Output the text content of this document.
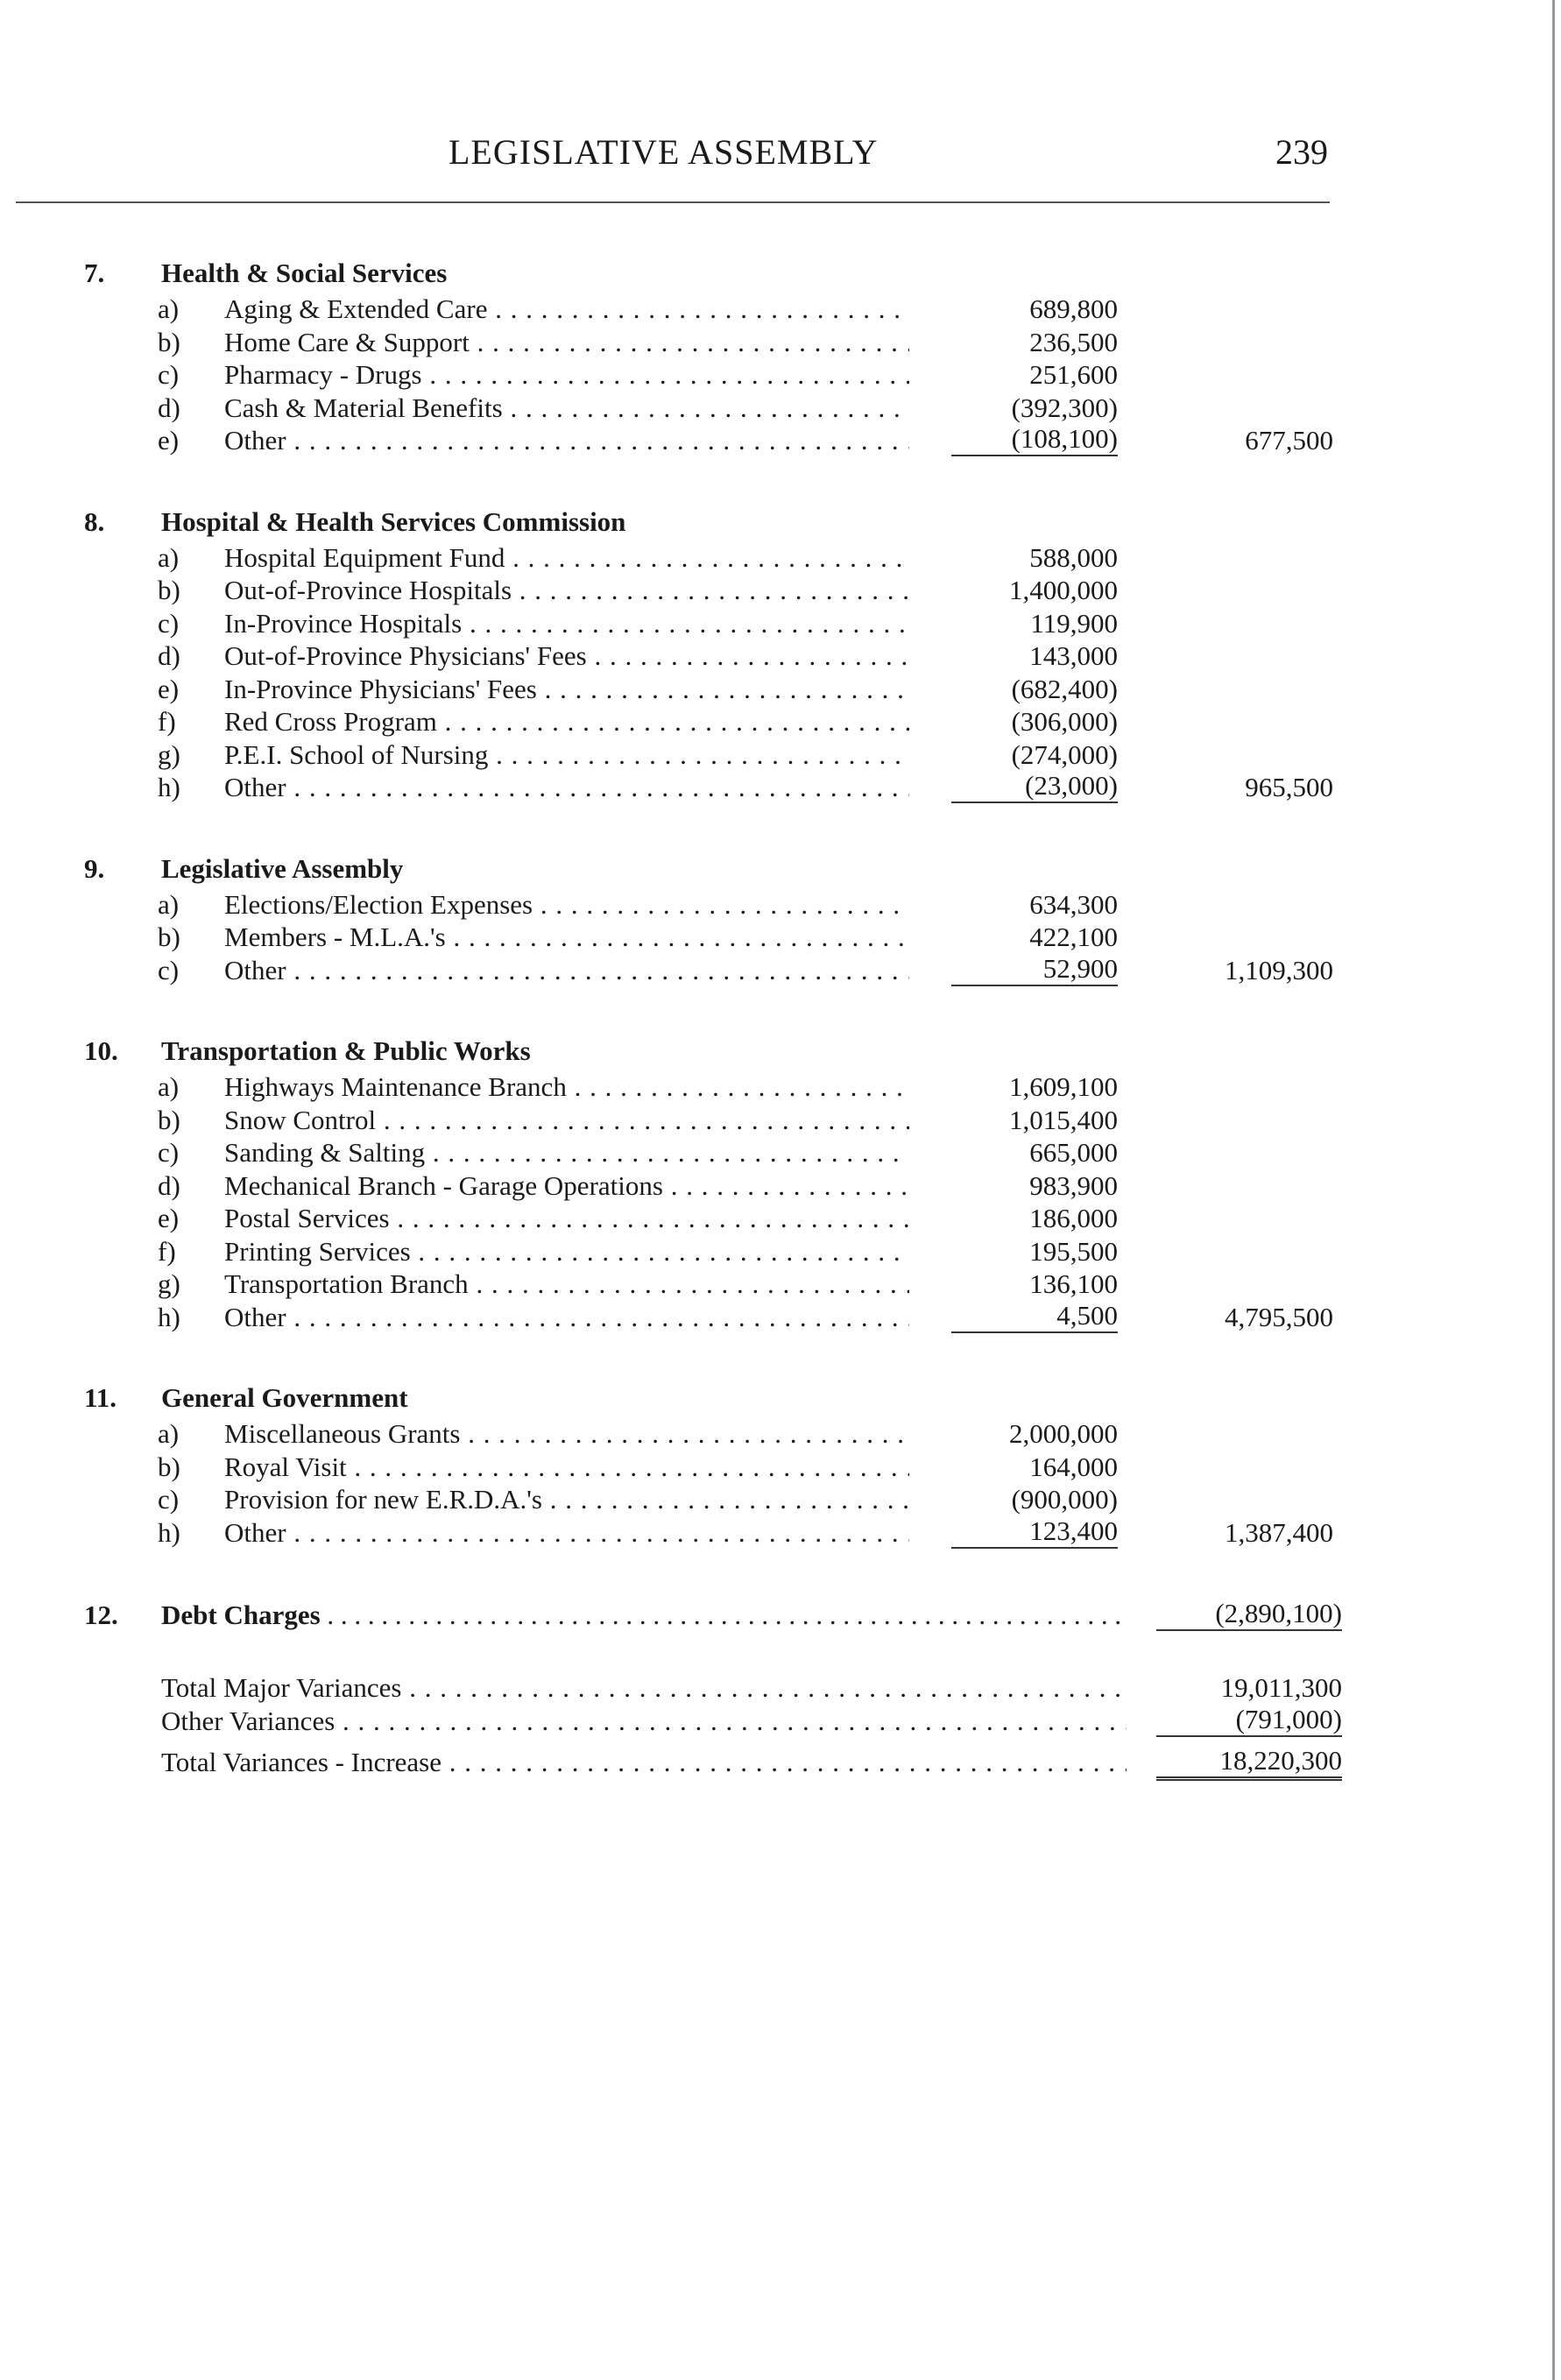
LEGISLATIVE ASSEMBLY	239
7.	Health & Social Services
a) Aging & Extended Care . . .	689,800
b) Home Care & Support . . .	236,500
c) Pharmacy - Drugs . . .	251,600
d) Cash & Material Benefits . . .	(392,300)
e) Other . . .	(108,100)	677,500
8.	Hospital & Health Services Commission
a) Hospital Equipment Fund . . .	588,000
b) Out-of-Province Hospitals . . .	1,400,000
c) In-Province Hospitals . . .	119,900
d) Out-of-Province Physicians' Fees . . .	143,000
e) In-Province Physicians' Fees . . .	(682,400)
f) Red Cross Program . . .	(306,000)
g) P.E.I. School of Nursing . . .	(274,000)
h) Other . . .	(23,000)	965,500
9.	Legislative Assembly
a) Elections/Election Expenses . . .	634,300
b) Members - M.L.A.'s . . .	422,100
c) Other . . .	52,900	1,109,300
10.	Transportation & Public Works
a) Highways Maintenance Branch . . .	1,609,100
b) Snow Control . . .	1,015,400
c) Sanding & Salting . . .	665,000
d) Mechanical Branch - Garage Operations . . .	983,900
e) Postal Services . . .	186,000
f) Printing Services . . .	195,500
g) Transportation Branch . . .	136,100
h) Other . . .	4,500	4,795,500
11.	General Government
a) Miscellaneous Grants . . .	2,000,000
b) Royal Visit . . .	164,000
c) Provision for new E.R.D.A.'s . . .	(900,000)
h) Other . . .	123,400	1,387,400
12. Debt Charges . . .	(2,890,100)
Total Major Variances . . .	19,011,300
Other Variances . . .	(791,000)
Total Variances - Increase . . .	18,220,300
